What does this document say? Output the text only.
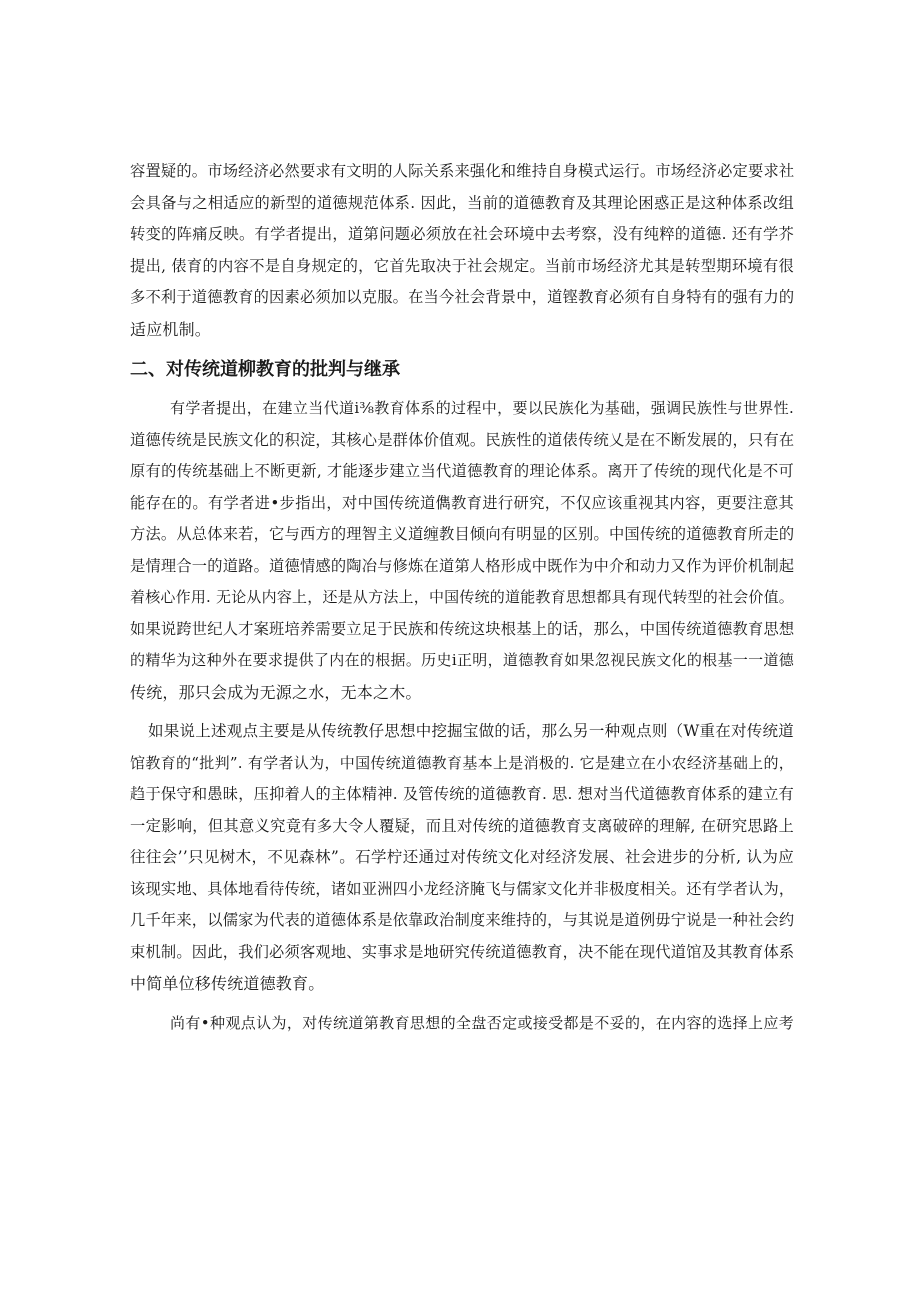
容置疑的。市场经济必然要求有文明的人际关系来强化和维持自身模式运行。市场经济必定要求社
会具备与之相适应的新型的道德规范体系. 因此，当前的道德教育及其理论困惑正是这种体系改组
转变的阵痛反映。有学者提出，道第问题必须放在社会环境中去考察，没有纯粹的道德. 还有学芥
提出, 俵育的内容不是自身规定的，它首先取决于社会规定。当前市场经济尤其是转型期环境有很
多不利于道德教育的因素必须加以克服。在当今社会背景中，道铿教育必须有自身特有的强有力的
适应机制。
二、对传统道柳教育的批判与继承
有学者提出，在建立当代道i⅜教育体系的过程中，要以民族化为基础，强调民族性与世界性.
道德传统是民族文化的积淀，其核心是群体价值观。民族性的道俵传统乂是在不断发展的，只有在
原有的传统基础上不断更新, 才能逐步建立当代道德教育的理论体系。离开了传统的现代化是不可
能存在的。有学者进•步指出，对中国传统道儁教育进行研究，不仅应该重视其内容，更要注意其
方法。从总体来若，它与西方的理智主义道缠教目倾向有明显的区别。中国传统的道德教育所走的
是情理合一的道路。道德情感的陶冶与修炼在道第人格形成中既作为中介和动力又作为评价机制起
着核心作用. 无论从内容上，还是从方法上，中国传统的道能教育思想都具有现代转型的社会价值。
如果说跨世纪人才案班培养需要立足于民族和传统这块根基上的话，那么，中国传统道德教育思想
的精华为这种外在要求提供了内在的根据。历史i正明，道德教育如果忽视民族文化的根基一一道德
传统，那只会成为无源之水，无本之木。
如果说上述观点主要是从传统教仔思想中挖掘宝做的话，那么另一种观点则（W重在对传统道
馆教育的“批判”. 有学者认为，中国传统道德教育基本上是消极的. 它是建立在小农经济基础上的，
趋于保守和愚昧，压抑着人的主体精神. 及管传统的道德教育. 思. 想对当代道德教育体系的建立有
一定影响，但其意义究竟有多大令人覆疑，而且对传统的道德教育支离破碎的理解, 在研究思路上
往往会’’只见树木，不见森林”。石学柠还通过对传统文化对经济发展、社会进步的分析, 认为应
该现实地、具体地看待传统，诸如亚洲四小龙经济腌飞与儒家文化并非极度相关。还有学者认为，
几千年来，以儒家为代表的道德体系是依靠政治制度来维持的，与其说是道例毋宁说是一种社会约
束机制。因此，我们必须客观地、实事求是地研究传统道德教育，决不能在现代道馆及其教育体系
中简单位移传统道德教育。
尚有•种观点认为，对传统道第教育思想的全盘否定或接受都是不妥的，在内容的选择上应考
